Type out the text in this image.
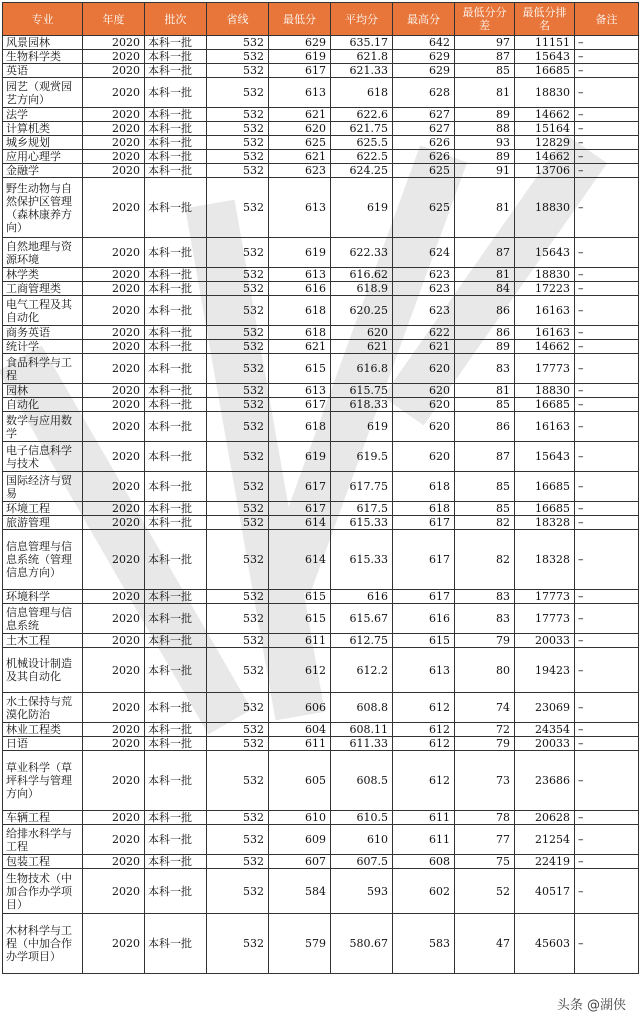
专业	年度	批次	省线	最低分	平均分	最高分	最低分分差	最低分排名	备注
风景园林	2020	本科一批	532	629	635.17	642	97	11151	–
生物科学类	2020	本科一批	532	619	621.8	629	87	15643	–
英语	2020	本科一批	532	617	621.33	629	85	16685	–
园艺（观赏园艺方向）	2020	本科一批	532	613	618	628	81	18830	–
法学	2020	本科一批	532	621	622.6	627	89	14662	–
计算机类	2020	本科一批	532	620	621.75	627	88	15164	–
城乡规划	2020	本科一批	532	625	625.5	626	93	12829	–
应用心理学	2020	本科一批	532	621	622.5	626	89	14662	–
金融学	2020	本科一批	532	623	624.25	625	91	13706	–
野生动物与自然保护区管理（森林康养方向）	2020	本科一批	532	613	619	625	81	18830	–
自然地理与资源环境	2020	本科一批	532	619	622.33	624	87	15643	–
林学类	2020	本科一批	532	613	616.62	623	81	18830	–
工商管理类	2020	本科一批	532	616	618.9	623	84	17223	–
电气工程及其自动化	2020	本科一批	532	618	620.25	623	86	16163	–
商务英语	2020	本科一批	532	618	620	622	86	16163	–
统计学	2020	本科一批	532	621	621	621	89	14662	–
食品科学与工程	2020	本科一批	532	615	616.8	620	83	17773	–
园林	2020	本科一批	532	613	615.75	620	81	18830	–
自动化	2020	本科一批	532	617	618.33	620	85	16685	–
数学与应用数学	2020	本科一批	532	618	619	620	86	16163	–
电子信息科学与技术	2020	本科一批	532	619	619.5	620	87	15643	–
国际经济与贸易	2020	本科一批	532	617	617.75	618	85	16685	–
环境工程	2020	本科一批	532	617	617.5	618	85	16685	–
旅游管理	2020	本科一批	532	614	615.33	617	82	18328	–
信息管理与信息系统（管理信息方向）	2020	本科一批	532	614	615.33	617	82	18328	–
环境科学	2020	本科一批	532	615	616	617	83	17773	–
信息管理与信息系统	2020	本科一批	532	615	615.67	616	83	17773	–
土木工程	2020	本科一批	532	611	612.75	615	79	20033	–
机械设计制造及其自动化	2020	本科一批	532	612	612.2	613	80	19423	–
水土保持与荒漠化防治	2020	本科一批	532	606	608.8	612	74	23069	–
林业工程类	2020	本科一批	532	604	608.11	612	72	24354	–
日语	2020	本科一批	532	611	611.33	612	79	20033	–
草业科学（草坪科学与管理方向）	2020	本科一批	532	605	608.5	612	73	23686	–
车辆工程	2020	本科一批	532	610	610.5	611	78	20628	–
给排水科学与工程	2020	本科一批	532	609	610	611	77	21254	–
包装工程	2020	本科一批	532	607	607.5	608	75	22419	–
生物技术（中加合作办学项目）	2020	本科一批	532	584	593	602	52	40517	–
木材科学与工程（中加合作办学项目）	2020	本科一批	532	579	580.67	583	47	45603	–
头条 @湖侠
